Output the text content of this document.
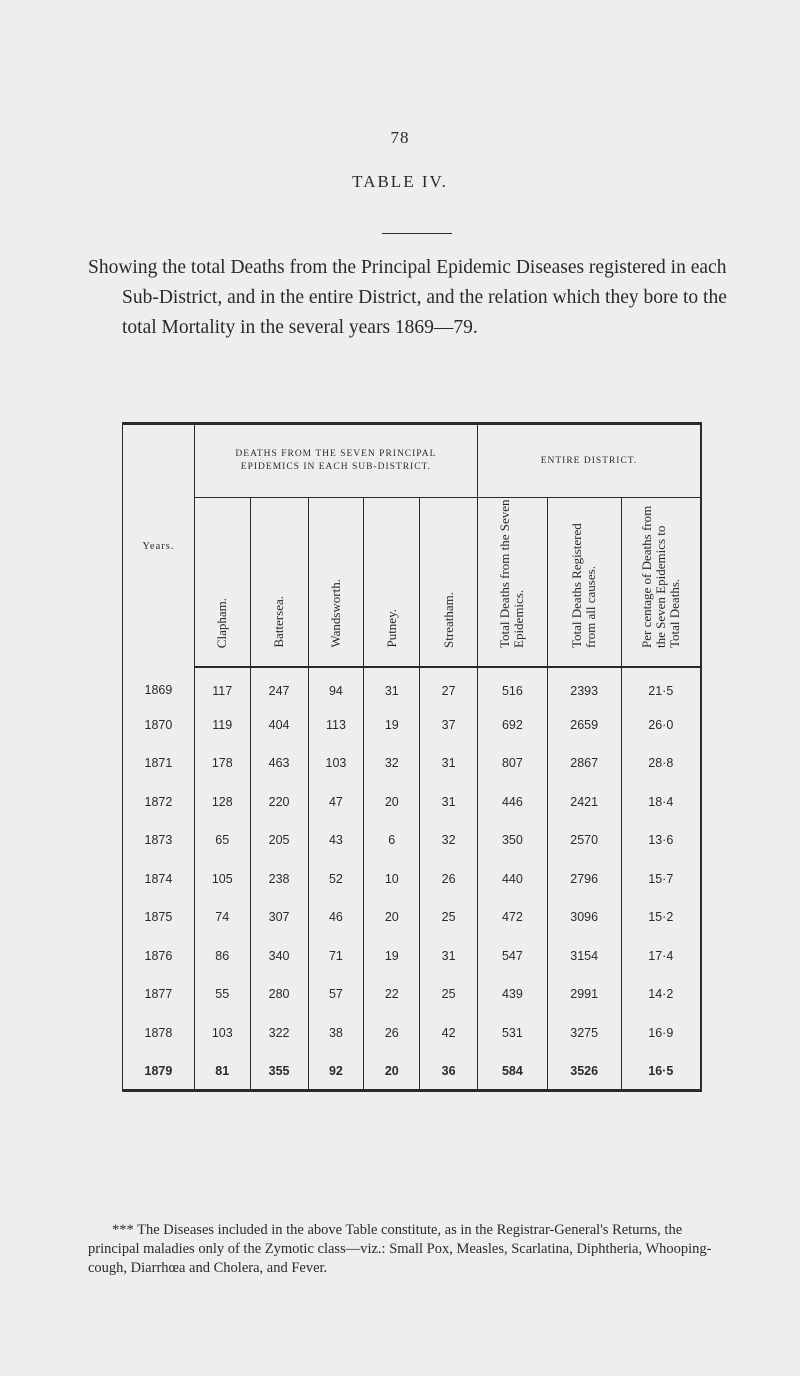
78
TABLE IV.

Showing the total Deaths from the Principal Epidemic Diseases registered in each Sub-District, and in the entire District, and the relation which they bore to the total Mortality in the several years 1869—79.

Years.	DEATHS FROM THE SEVEN PRINCIPAL EPIDEMICS IN EACH SUB-DISTRICT.					ENTIRE DISTRICT.		
	Clapham.	Battersea.	Wandsworth.	Putney.	Streatham.	Total Deaths from the Seven Epidemics.	Total Deaths Registered from all causes.	Per centage of Deaths from the Seven Epidemics to Total Deaths.
1869	117	247	94	31	27	516	2393	21·5
1870	119	404	113	19	37	692	2659	26·0
1871	178	463	103	32	31	807	2867	28·8
1872	128	220	47	20	31	446	2421	18·4
1873	65	205	43	6	32	350	2570	13·6
1874	105	238	52	10	26	440	2796	15·7
1875	74	307	46	20	25	472	3096	15·2
1876	86	340	71	19	31	547	3154	17·4
1877	55	280	57	22	25	439	2991	14·2
1878	103	322	38	26	42	531	3275	16·9
1879	81	355	92	20	36	584	3526	16·5

*** The Diseases included in the above Table constitute, as in the Registrar-General's Returns, the principal maladies only of the Zymotic class—viz.: Small Pox, Measles, Scarlatina, Diphtheria, Whooping-cough, Diarrhœa and Cholera, and Fever.
